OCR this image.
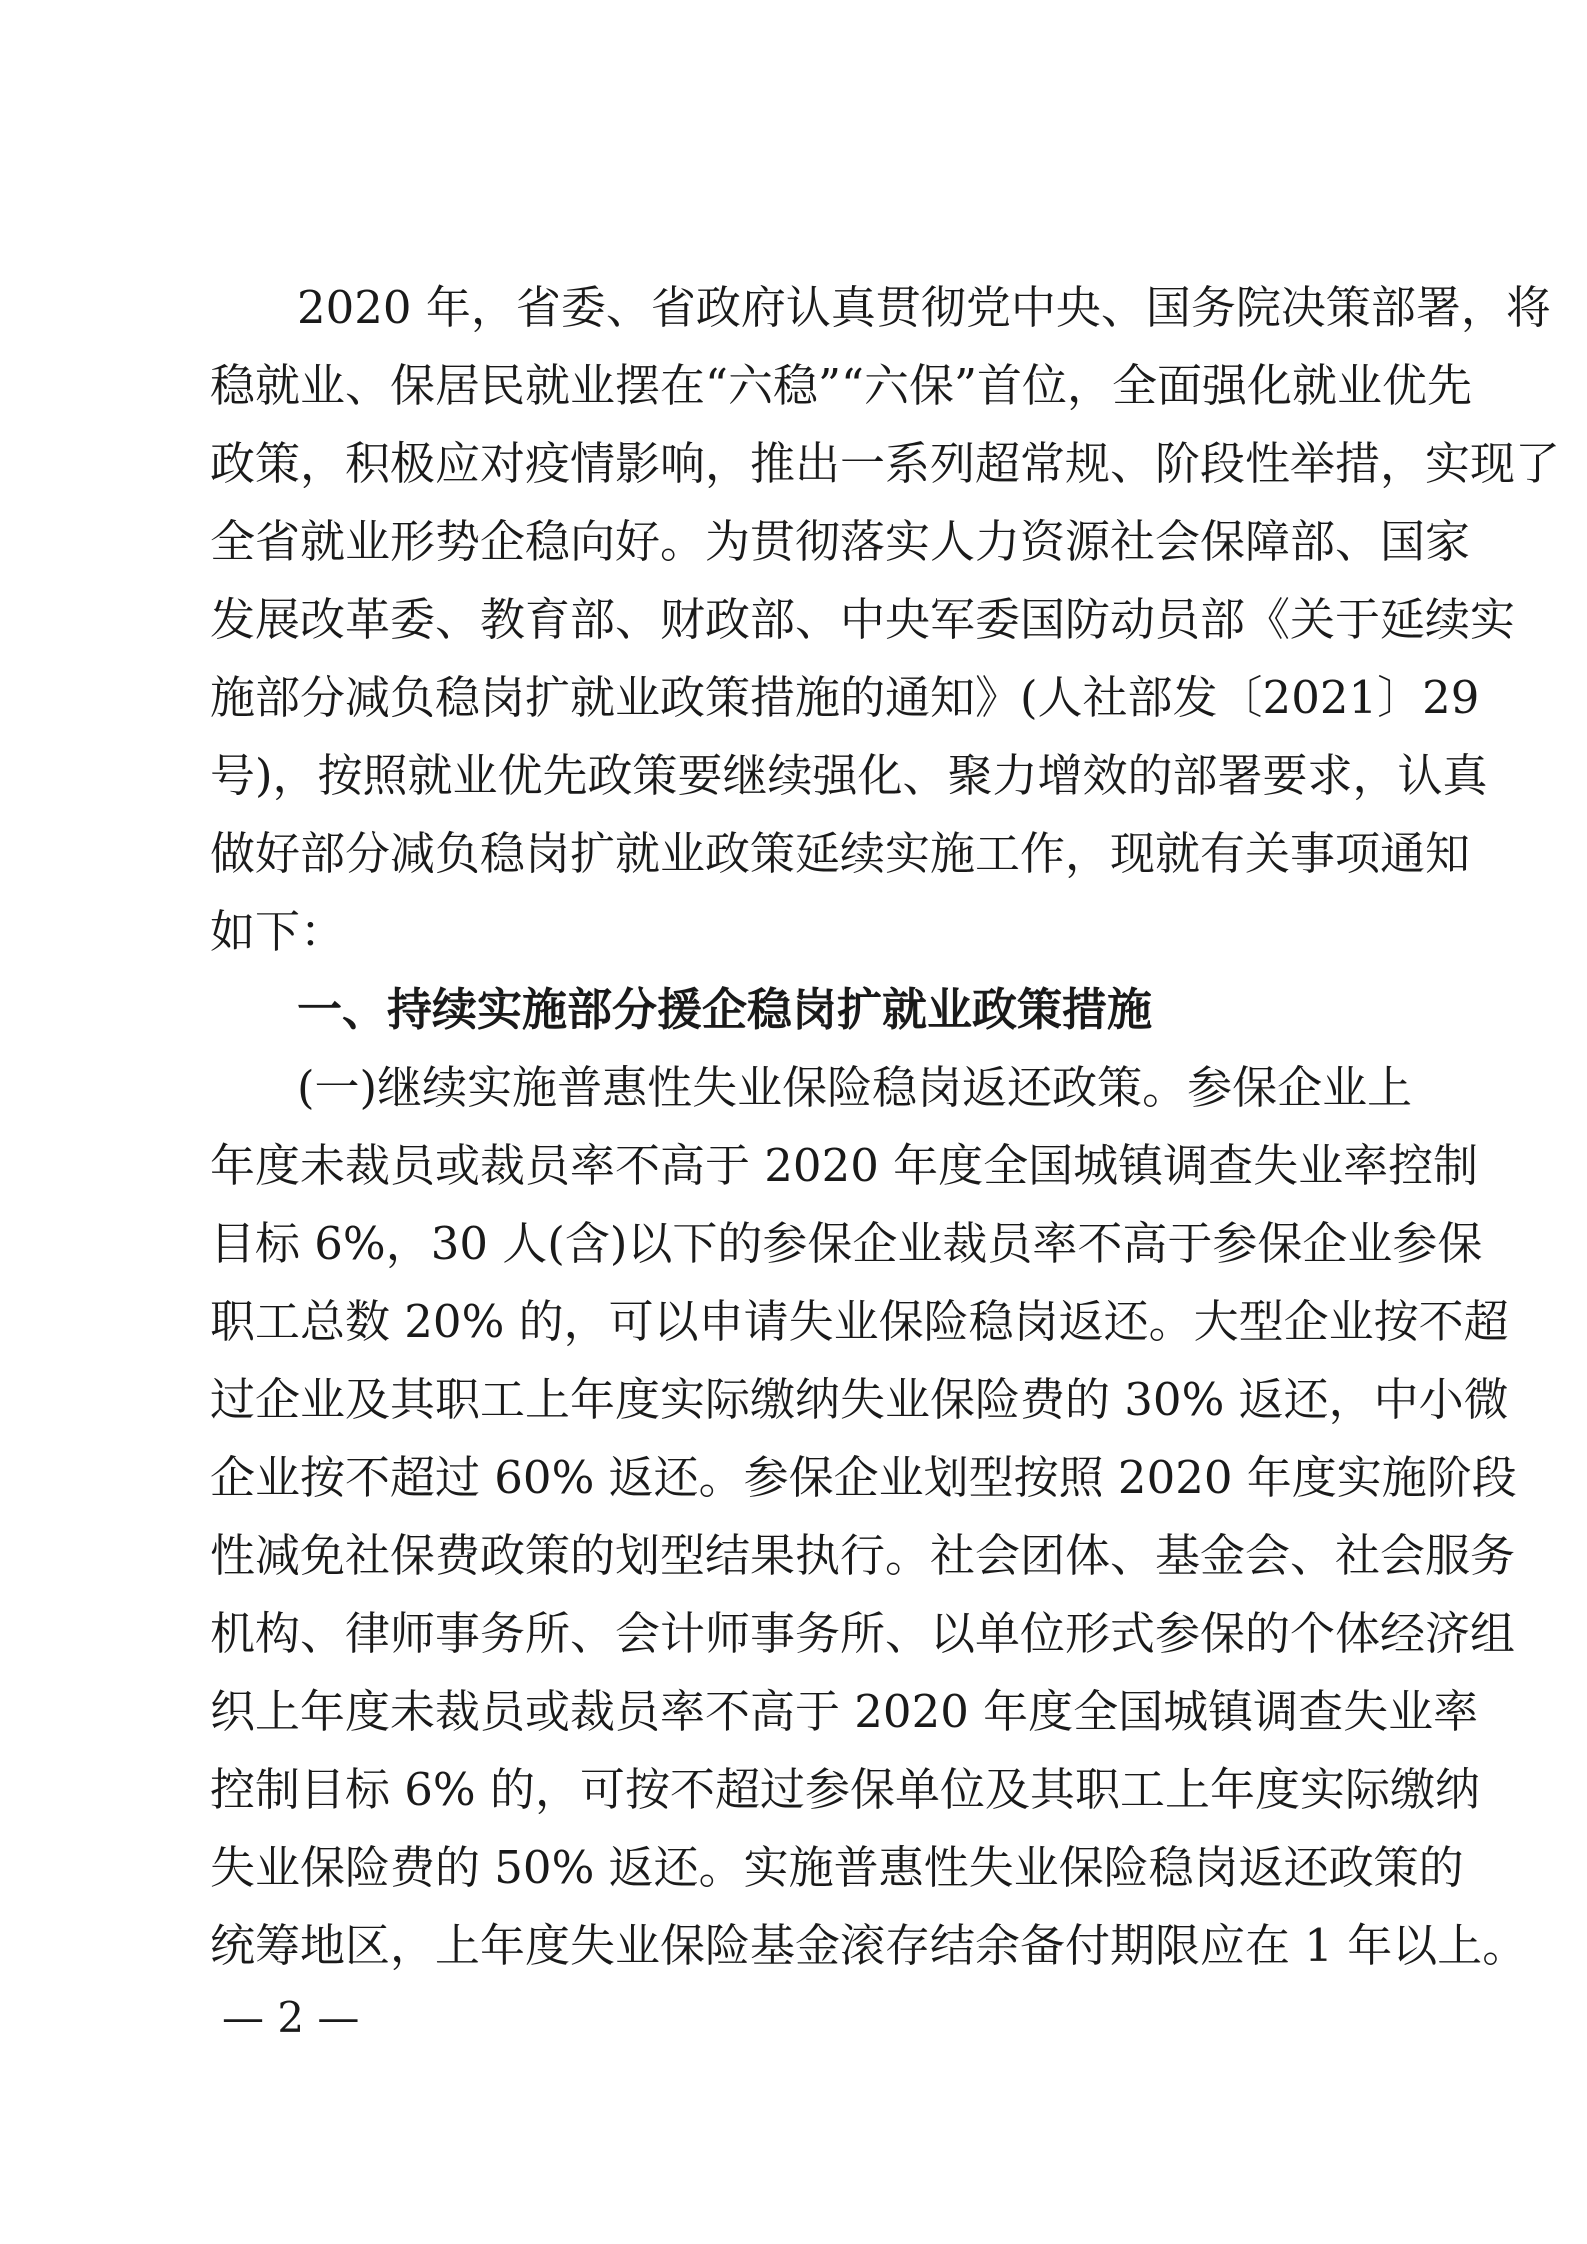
2020 年，省委、省政府认真贯彻党中央、国务院决策部署，将
稳就业、保居民就业摆在“六稳”“六保”首位，全面强化就业优先
政策，积极应对疫情影响，推出一系列超常规、阶段性举措，实现了
全省就业形势企稳向好。为贯彻落实人力资源社会保障部、国家
发展改革委、教育部、财政部、中央军委国防动员部《关于延续实
施部分减负稳岗扩就业政策措施的通知》(人社部发〔2021〕29
号)，按照就业优先政策要继续强化、聚力增效的部署要求，认真
做好部分减负稳岗扩就业政策延续实施工作，现就有关事项通知
如下：
一、持续实施部分援企稳岗扩就业政策措施
(一)继续实施普惠性失业保险稳岗返还政策。参保企业上
年度未裁员或裁员率不高于 2020 年度全国城镇调查失业率控制
目标 6%，30 人(含)以下的参保企业裁员率不高于参保企业参保
职工总数 20% 的，可以申请失业保险稳岗返还。大型企业按不超
过企业及其职工上年度实际缴纳失业保险费的 30% 返还，中小微
企业按不超过 60% 返还。参保企业划型按照 2020 年度实施阶段
性减免社保费政策的划型结果执行。社会团体、基金会、社会服务
机构、律师事务所、会计师事务所、以单位形式参保的个体经济组
织上年度未裁员或裁员率不高于 2020 年度全国城镇调查失业率
控制目标 6% 的，可按不超过参保单位及其职工上年度实际缴纳
失业保险费的 50% 返还。实施普惠性失业保险稳岗返还政策的
统筹地区，上年度失业保险基金滚存结余备付期限应在 1 年以上。
— 2 —
